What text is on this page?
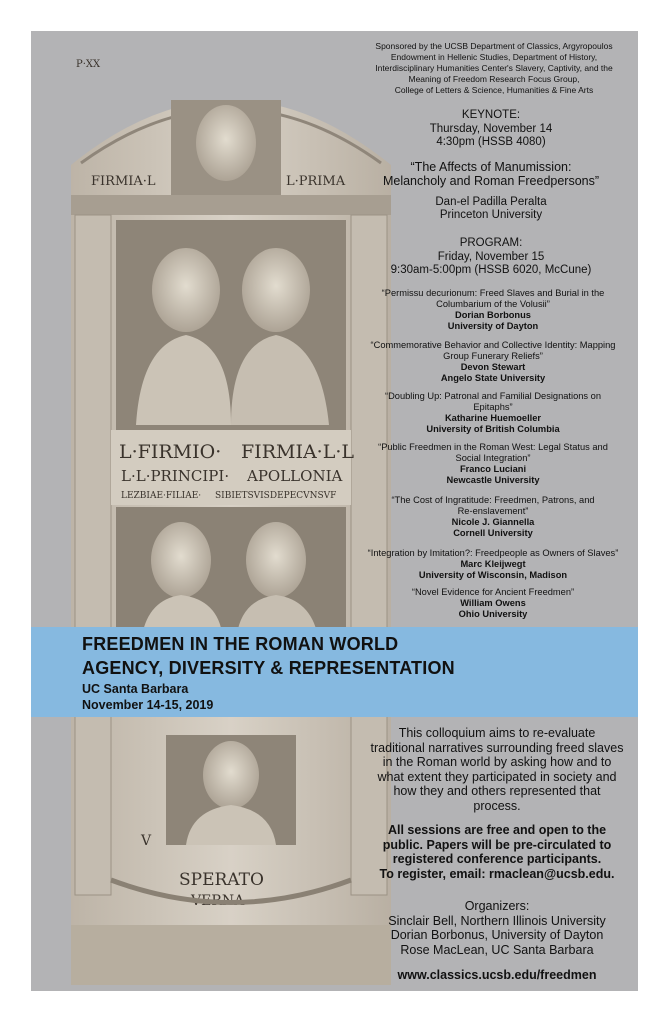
FIRMIA·L	L·PRIMA
P·XX
L·FIRMIO· FIRMIA·L·L
L·L·PRINCIPI· APOLLONIA
LEZBIAE·FILIAE· SIBIETSVISDEPECVNSVF
V
SPERATO
VERNA
Sponsored by the UCSB Department of Classics, Argyropoulos
Endowment in Hellenic Studies, Department of History,
Interdisciplinary Humanities Center's Slavery, Captivity, and the
Meaning of Freedom Research Focus Group,
College of Letters & Science, Humanities & Fine Arts
KEYNOTE:
Thursday, November 14
4:30pm (HSSB 4080)
“The Affects of Manumission:
Melancholy and Roman Freedpersons”
Dan-el Padilla Peralta
Princeton University
PROGRAM:
Friday, November 15
9:30am-5:00pm (HSSB 6020, McCune)
“Permissu decurionum: Freed Slaves and Burial in the
Columbarium of the Volusii”
Dorian Borbonus
University of Dayton
“Commemorative Behavior and Collective Identity: Mapping
Group Funerary Reliefs”
Devon Stewart
Angelo State University
“Doubling Up: Patronal and Familial Designations on
Epitaphs”
Katharine Huemoeller
University of British Columbia
“Public Freedmen in the Roman West: Legal Status and
Social Integration”
Franco Luciani
Newcastle University
“The Cost of Ingratitude: Freedmen, Patrons, and
Re-enslavement”
Nicole J. Giannella
Cornell University
“Integration by Imitation?: Freedpeople as Owners of Slaves”
Marc Kleijwegt
University of Wisconsin, Madison
“Novel Evidence for Ancient Freedmen”
William Owens
Ohio University
FREEDMEN IN THE ROMAN WORLD
AGENCY, DIVERSITY & REPRESENTATION
UC Santa Barbara
November 14-15, 2019
This colloquium aims to re-evaluate
traditional narratives surrounding freed slaves
in the Roman world by asking how and to
what extent they participated in society and
how they and others represented that
process.
All sessions are free and open to the
public. Papers will be pre-circulated to
registered conference participants.
To register, email: rmaclean@ucsb.edu.
Organizers:
Sinclair Bell, Northern Illinois University
Dorian Borbonus, University of Dayton
Rose MacLean, UC Santa Barbara
www.classics.ucsb.edu/freedmen
